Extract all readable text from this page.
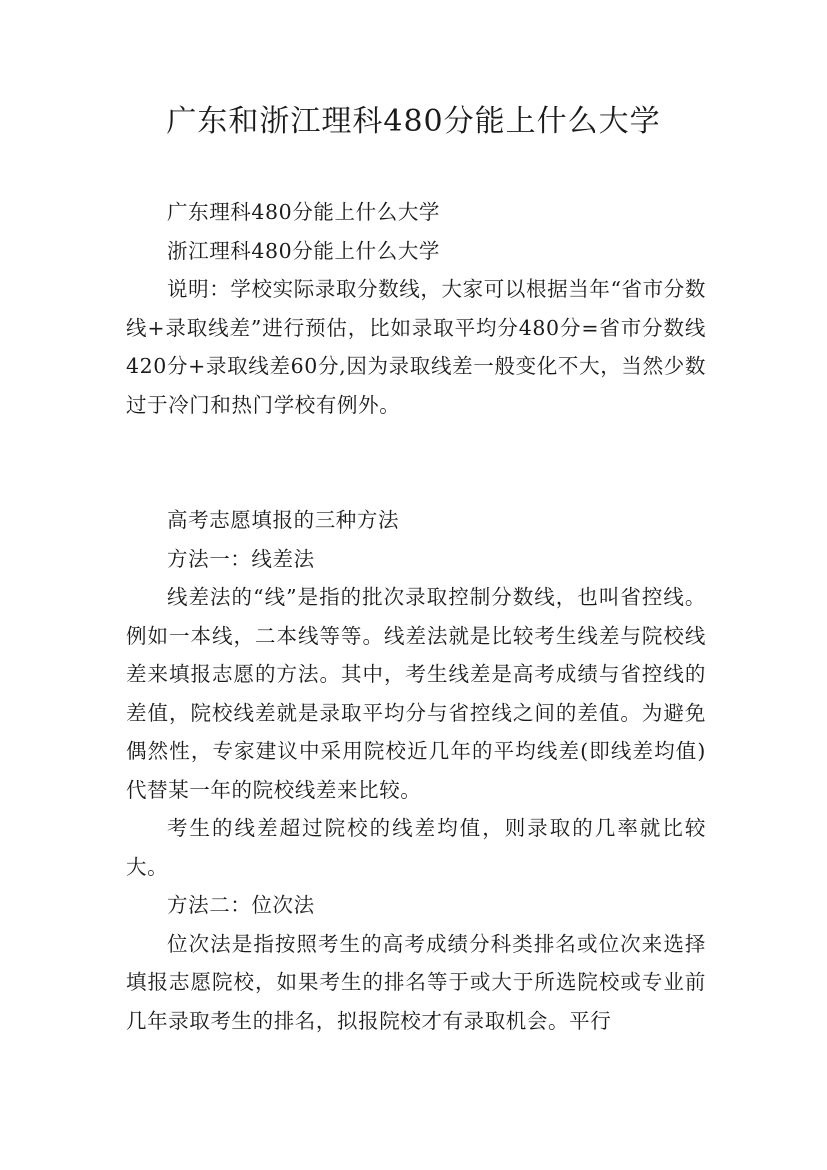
广东和浙江理科480分能上什么大学

广东理科480分能上什么大学

浙江理科480分能上什么大学

说明：学校实际录取分数线，大家可以根据当年“省市分数线+录取线差”进行预估，比如录取平均分480分=省市分数线420分+录取线差60分,因为录取线差一般变化不大，当然少数过于冷门和热门学校有例外。

高考志愿填报的三种方法

方法一：线差法

线差法的“线”是指的批次录取控制分数线，也叫省控线。例如一本线，二本线等等。线差法就是比较考生线差与院校线差来填报志愿的方法。其中，考生线差是高考成绩与省控线的差值，院校线差就是录取平均分与省控线之间的差值。为避免偶然性，专家建议中采用院校近几年的平均线差(即线差均值)代替某一年的院校线差来比较。

考生的线差超过院校的线差均值，则录取的几率就比较大。

方法二：位次法

位次法是指按照考生的高考成绩分科类排名或位次来选择填报志愿院校，如果考生的排名等于或大于所选院校或专业前几年录取考生的排名，拟报院校才有录取机会。平行
